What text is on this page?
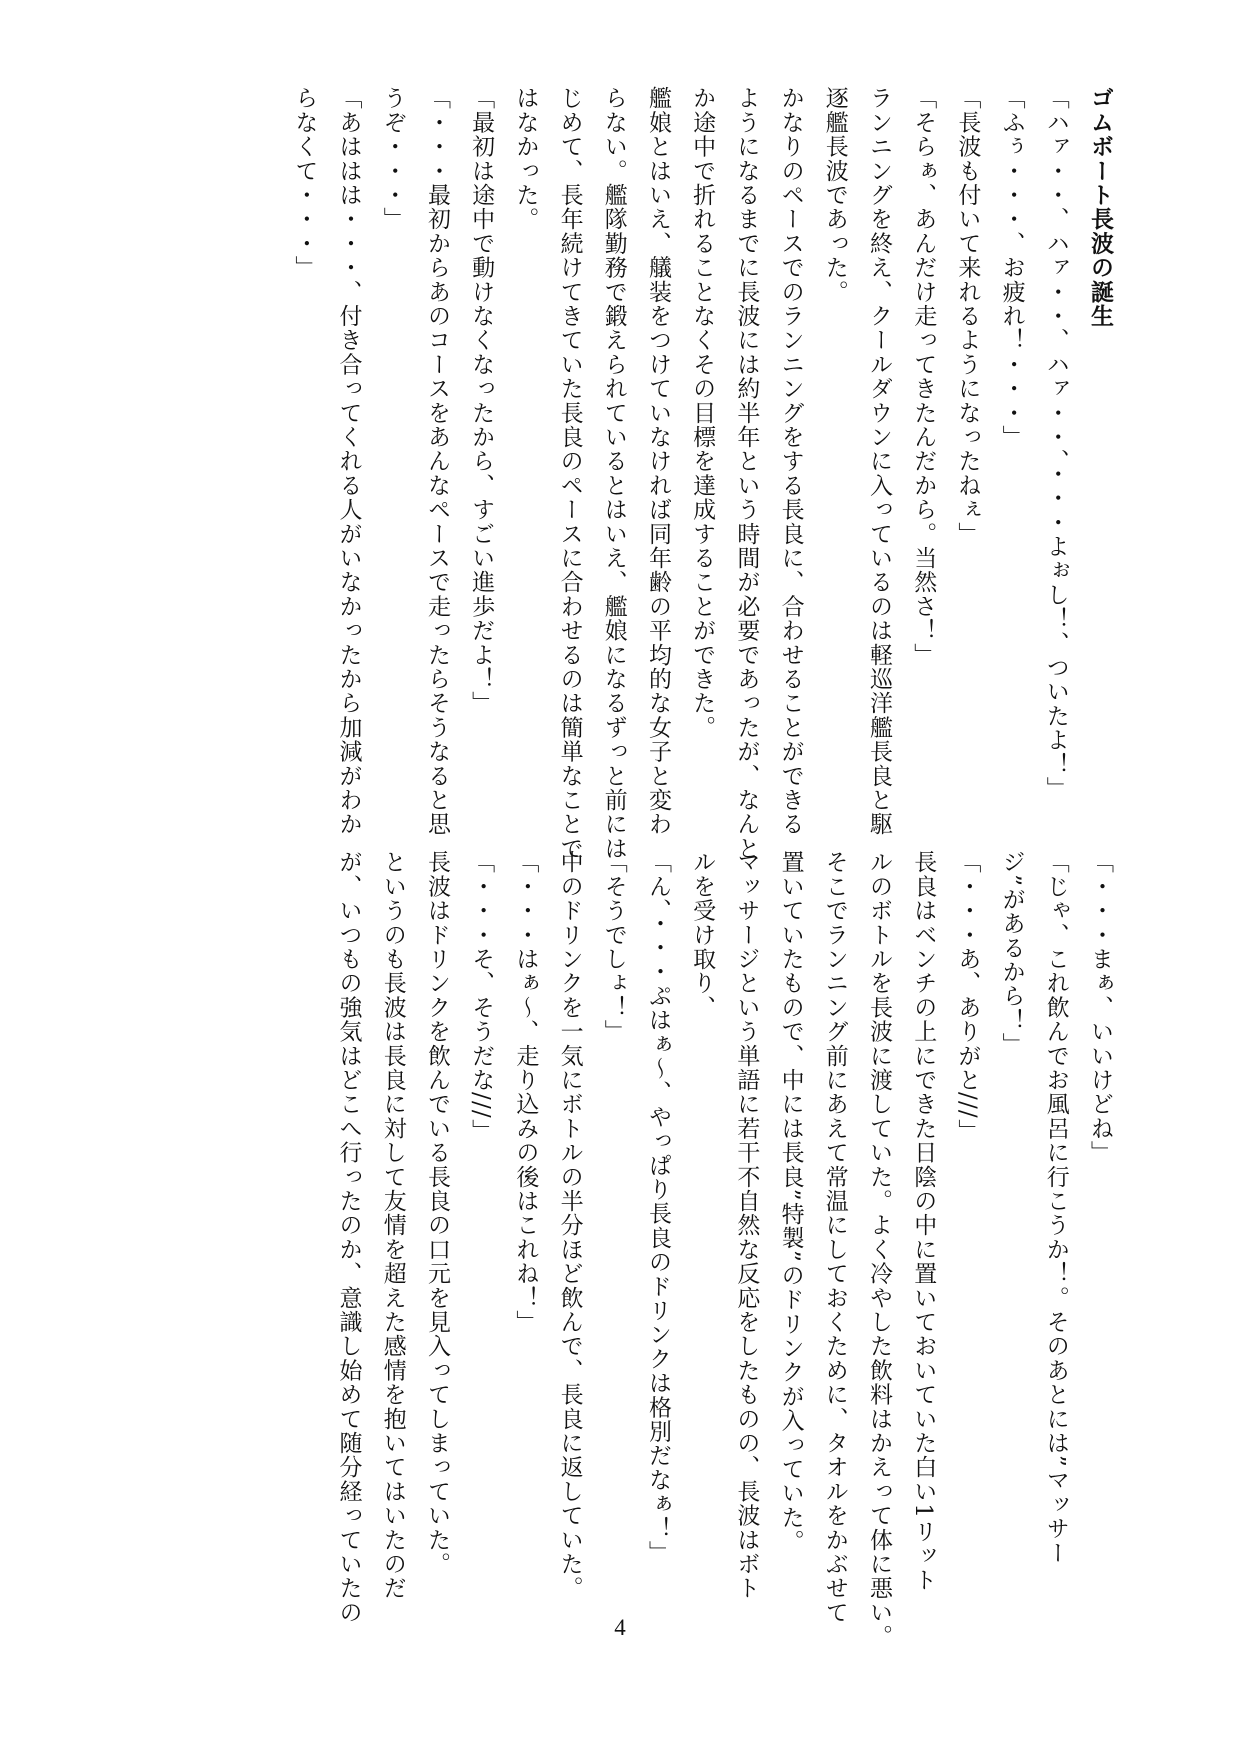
ゴムボート長波の誕生
「ハァ・・、ハァ・・、ハァ・・、・・・よぉし！、ついたよ！」
「ふぅ・・・、お疲れ！・・・」
「長波も付いて来れるようになったねぇ」
「そらぁ、あんだけ走ってきたんだから。当然さ！」
ランニングを終え、クールダウンに入っているのは軽巡洋艦長良と駆
逐艦長波であった。
かなりのペースでのランニングをする長良に、合わせることができる
ようになるまでに長波には約半年という時間が必要であったが、なんと
か途中で折れることなくその目標を達成することができた。
艦娘とはいえ、艤装をつけていなければ同年齢の平均的な女子と変わ
らない。艦隊勤務で鍛えられているとはいえ、艦娘になるずっと前には
じめて、長年続けてきていた長良のペースに合わせるのは簡単なことで
はなかった。
「最初は途中で動けなくなったから、すごい進歩だよ！」
「・・・最初からあのコースをあんなペースで走ったらそうなると思
うぞ・・・」
「あははは・・・、付き合ってくれる人がいなかったから加減がわか
らなくて・・・」
「・・・まぁ、いいけどね」
「じゃ、これ飲んでお風呂に行こうか！。そのあとには”マッサー
ジ”があるから！」
「・・・あ、ありがと///」
長良はベンチの上にできた日陰の中に置いておいていた白い1リット
ルのボトルを長波に渡していた。よく冷やした飲料はかえって体に悪い。
そこでランニング前にあえて常温にしておくために、タオルをかぶせて
置いていたもので、中には長良”特製”のドリンクが入っていた。
マッサージという単語に若干不自然な反応をしたものの、長波はボト
ルを受け取り、
「ん、・・・ぷはぁ〜、やっぱり長良のドリンクは格別だなぁ！」
「そうでしょ！」
中のドリンクを一気にボトルの半分ほど飲んで、長良に返していた。
「・・・はぁ〜、走り込みの後はこれね！」
「・・・そ、そうだな///」
長波はドリンクを飲んでいる長良の口元を見入ってしまっていた。
というのも長波は長良に対して友情を超えた感情を抱いてはいたのだ
が、いつもの強気はどこへ行ったのか、意識し始めて随分経っていたの
4
